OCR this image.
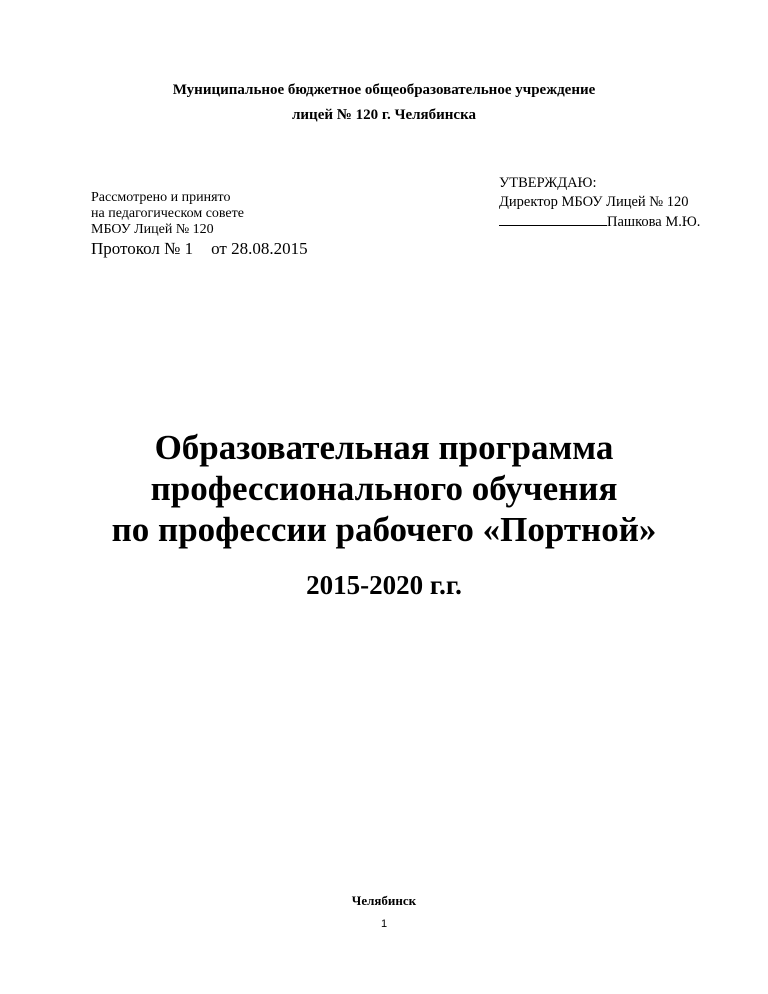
Муниципальное бюджетное общеобразовательное учреждение
лицей № 120 г. Челябинска
Рассмотрено и принято
на педагогическом совете
МБОУ Лицей № 120
Протокол № 1 от 28.08.2015
УТВЕРЖДАЮ:
Директор МБОУ Лицей № 120
Пашкова М.Ю.
Образовательная программа
профессионального обучения
по профессии рабочего «Портной»
2015-2020 г.г.
Челябинск
1
